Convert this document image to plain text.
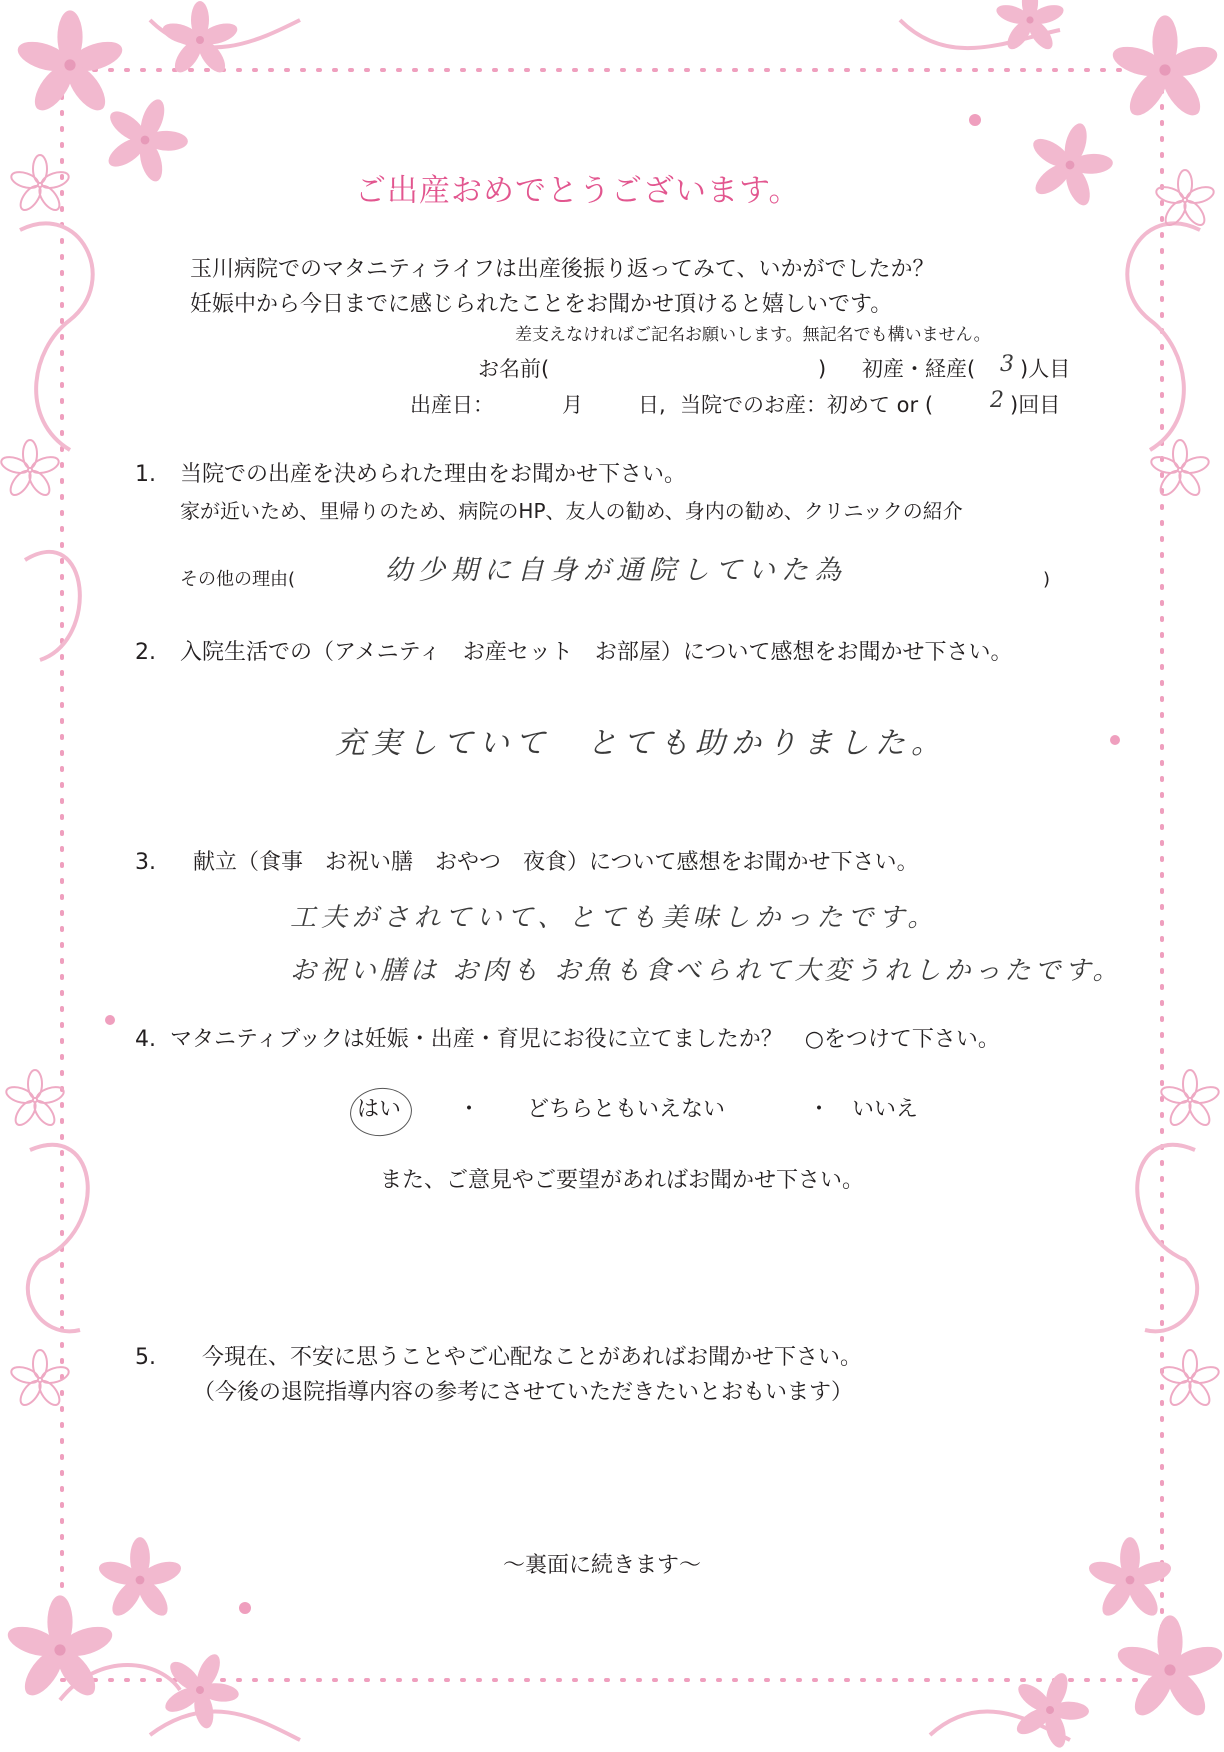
ご出産おめでとうございます。
玉川病院でのマタニティライフは出産後振り返ってみて、いかがでしたか？
妊娠中から今日までに感じられたことをお聞かせ頂けると嬉しいです。
差支えなければご記名お願いします。無記名でも構いません。
お名前(	) 初産・経産( 3 )人目
出産日：	月	日, 当院でのお産：初めて or (	2 )回目
1. 当院での出産を決められた理由をお聞かせ下さい。
家が近いため、里帰りのため、病院のHP、友人の勧め、身内の勧め、クリニックの紹介
その他の理由(	幼少期に自身が通院していた為	)
2. 入院生活での（アメニティ　お産セット　お部屋）について感想をお聞かせ下さい。
充実していて　とても助かりました。
3. 献立（食事　お祝い膳　おやつ　夜食）について感想をお聞かせ下さい。
工夫がされていて、とても美味しかったです。
お祝い膳は お肉も お魚も食べられて大変うれしかったです。
4. マタニティブックは妊娠・出産・育児にお役に立てましたか？　○をつけて下さい。
はい	・ どちらともいえない	・ いいえ
また、ご意見やご要望があればお聞かせ下さい。
5. 今現在、不安に思うことやご心配なことがあればお聞かせ下さい。
（今後の退院指導内容の参考にさせていただきたいとおもいます）
～裏面に続きます～
